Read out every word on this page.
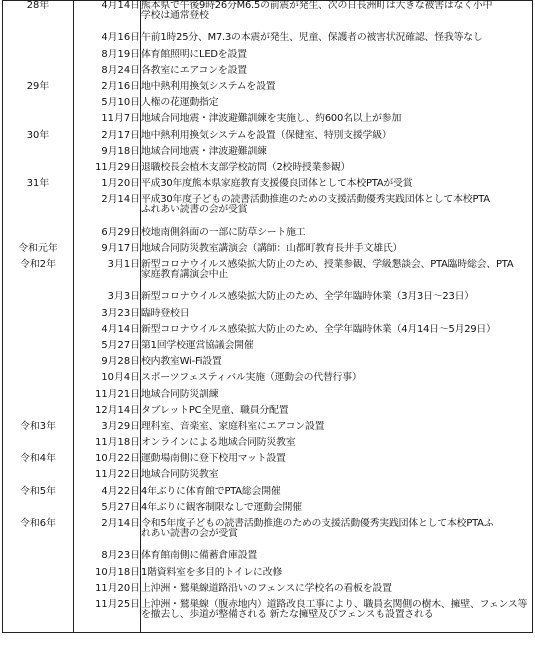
28年	4月14日	熊本県で午後9時26分M6.5の前震が発生、次の日長洲町は大きな被害はなく小中
学校は通常登校
	4月16日	午前1時25分、M7.3の本震が発生、児童、保護者の被害状況確認、怪我等なし
	8月19日	体育館照明にLEDを設置
	8月24日	各教室にエアコンを設置
29年	2月16日	地中熱利用換気システムを設置
	5月10日	人権の花運動指定
	11月7日	地域合同地震・津波避難訓練を実施し、約600名以上が参加
30年	2月17日	地中熱利用換気システムを設置（保健室、特別支援学級）
	9月18日	地域合同地震・津波避難訓練
	11月29日	退職校長会植木支部学校訪問（2校時授業参観）
31年	1月20日	平成30年度熊本県家庭教育支援優良団体として本校PTAが受賞
	2月14日	平成30年度子どもの読書活動推進のための支援活動優秀実践団体として本校PTA
ふれあい読書の会が受賞
	6月29日	校地南側斜面の一部に防草シート施工
令和元年	9月17日	地域合同防災教室講演会（講師：山都町教育長井手文雄氏）
令和2年	3月1日	新型コロナウイルス感染拡大防止のため、授業参観、学級懇談会、PTA臨時総会、PTA
家庭教育講演会中止
	3月3日	新型コロナウイルス感染拡大防止のため、全学年臨時休業（3月3日～23日）
	3月23日	臨時登校日
	4月14日	新型コロナウイルス感染拡大防止のため、全学年臨時休業（4月14日～5月29日）
	5月27日	第1回学校運営協議会開催
	9月28日	校内教室Wi-Fi設置
	10月4日	スポーツフェスティバル実施（運動会の代替行事）
	11月21日	地域合同防災訓練
	12月14日	タブレットPC全児童、職員分配置
令和3年	3月29日	理科室、音楽室、家庭科室にエアコン設置
	11月18日	オンラインによる地域合同防災教室
令和4年	10月22日	運動場南側に登下校用マット設置
	11月22日	地域合同防災教室
令和5年	4月22日	4年ぶりに体育館でPTA総会開催
	5月27日	4年ぶりに観客制限なしで運動会開催
令和6年	2月14日	令和5年度子どもの読書活動推進のための支援活動優秀実践団体として本校PTAふ
れあい読書の会が受賞
	8月23日	体育館南側に備蓄倉庫設置
	10月18日	1階資料室を多目的トイレに改修
	11月20日	上沖洲・鷲巣線道路沿いのフェンスに学校名の看板を設置
	11月25日	上沖洲・鷲巣線（腹赤地内）道路改良工事により、職員玄関側の樹木、擁壁、フェンス等
を撤去し、歩道が整備される 新たな擁壁及びフェンスも設置される
